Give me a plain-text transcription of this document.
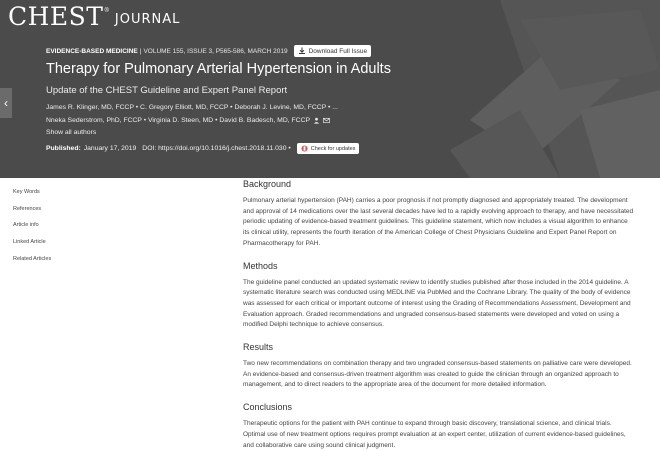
CHEST ®
JOURNAL
EVIDENCE-BASED MEDICINE | VOLUME 155, ISSUE 3, P565-586, MARCH 2019	Download Full Issue
Therapy for Pulmonary Arterial Hypertension in Adults
Update of the CHEST Guideline and Expert Panel Report
James R. Klinger, MD, FCCP • C. Gregory Elliott, MD, FCCP • Deborah J. Levine, MD, FCCP • ...
Nneka Sederstrom, PhD, FCCP • Virginia D. Steen, MD • David B. Badesch, MD, FCCP
Show all authors
Published: January 17, 2019 DOI: https://doi.org/10.1016/j.chest.2018.11.030 •	Check for updates
‹
Key Words
References
Article info
Linked Article
Related Articles
Background

Pulmonary arterial hypertension (PAH) carries a poor prognosis if not promptly diagnosed and appropriately treated. The development and approval of 14 medications over the last several decades have led to a rapidly evolving approach to therapy, and have necessitated periodic updating of evidence-based treatment guidelines. This guideline statement, which now includes a visual algorithm to enhance its clinical utility, represents the fourth iteration of the American College of Chest Physicians Guideline and Expert Panel Report on Pharmacotherapy for PAH.

Methods

The guideline panel conducted an updated systematic review to identify studies published after those included in the 2014 guideline. A systematic literature search was conducted using MEDLINE via PubMed and the Cochrane Library. The quality of the body of evidence was assessed for each critical or important outcome of interest using the Grading of Recommendations Assessment, Development and Evaluation approach. Graded recommendations and ungraded consensus-based statements were developed and voted on using a modified Delphi technique to achieve consensus.

Results

Two new recommendations on combination therapy and two ungraded consensus-based statements on palliative care were developed. An evidence-based and consensus-driven treatment algorithm was created to guide the clinician through an organized approach to management, and to direct readers to the appropriate area of the document for more detailed information.

Conclusions

Therapeutic options for the patient with PAH continue to expand through basic discovery, translational science, and clinical trials. Optimal use of new treatment options requires prompt evaluation at an expert center, utilization of current evidence-based guidelines, and collaborative care using sound clinical judgment.
